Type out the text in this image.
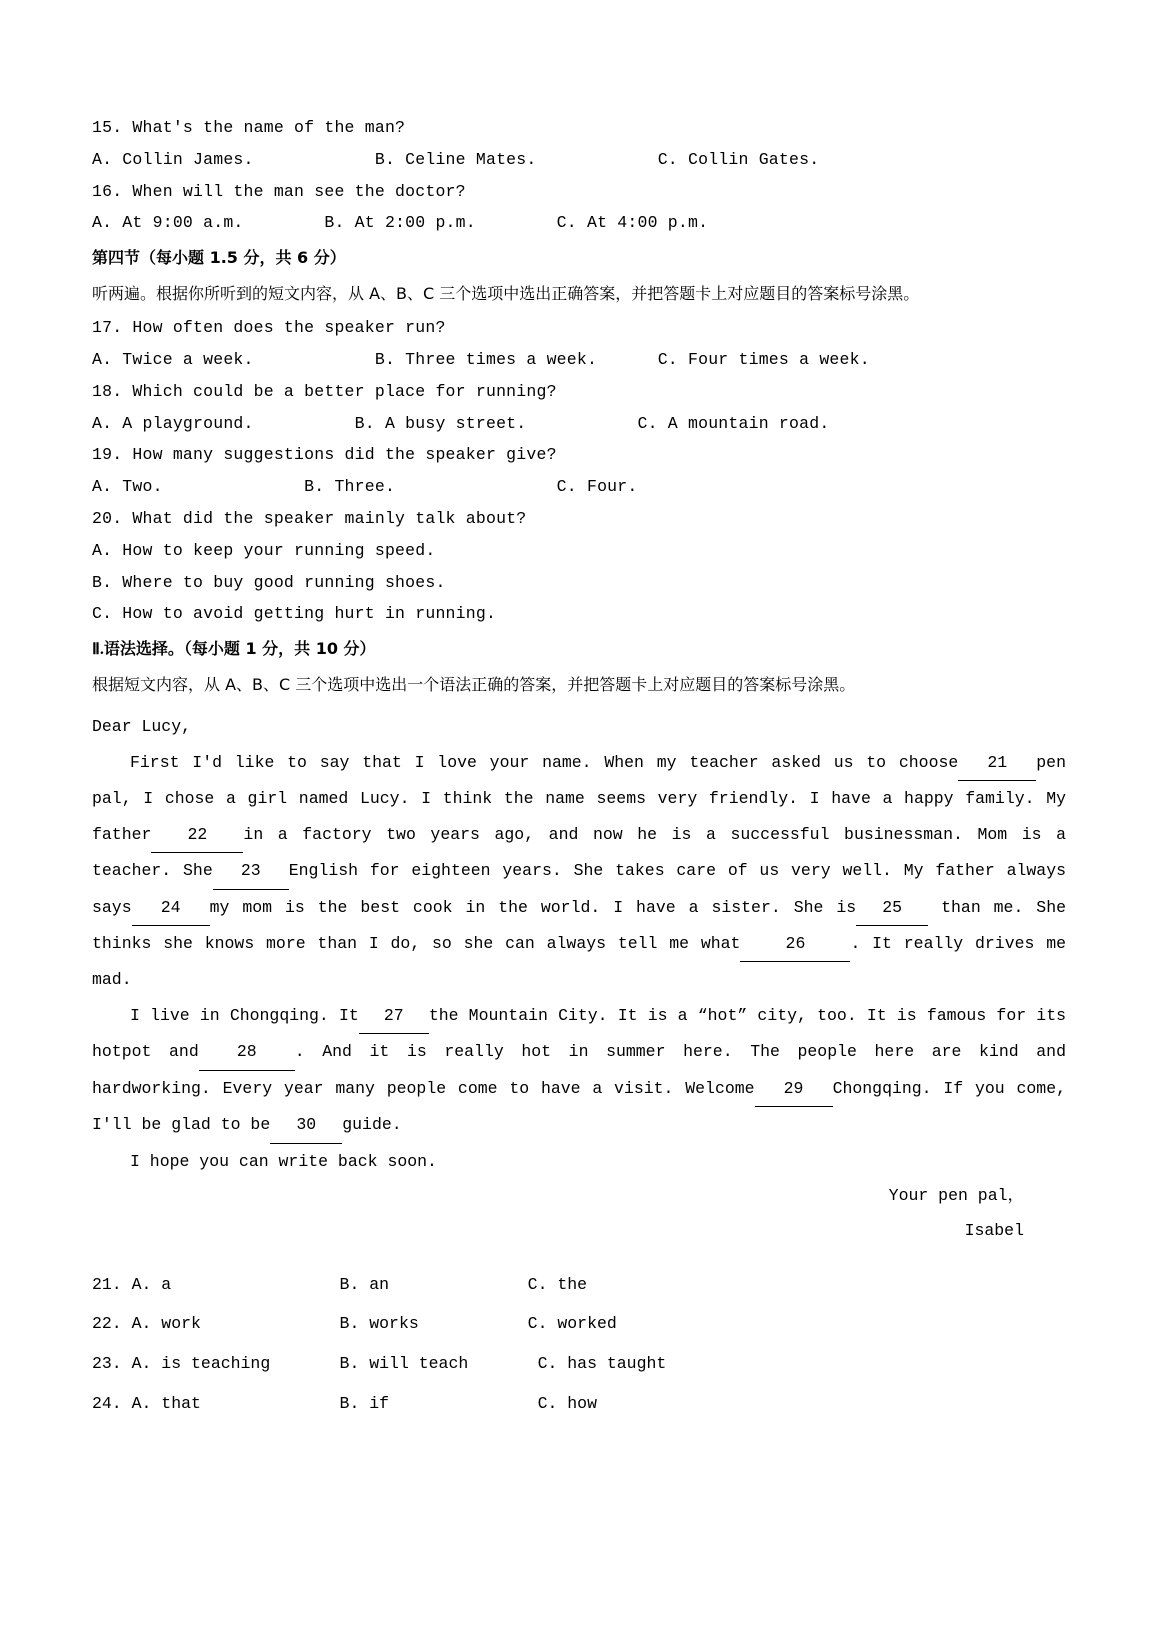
15. What's the name of the man?
A. Collin James.            B. Celine Mates.            C. Collin Gates.
16. When will the man see the doctor?
A. At 9:00 a.m.        B. At 2:00 p.m.        C. At 4:00 p.m.
第四节（每小题 1.5 分，共 6 分）
听两遍。根据你所听到的短文内容，从 A、B、C 三个选项中选出正确答案，并把答题卡上对应题目的答案标号涂黑。
17. How often does the speaker run?
A. Twice a week.            B. Three times a week.      C. Four times a week.
18. Which could be a better place for running?
A. A playground.          B. A busy street.           C. A mountain road.
19. How many suggestions did the speaker give?
A. Two.              B. Three.                C. Four.
20. What did the speaker mainly talk about?
A. How to keep your running speed.
B. Where to buy good running shoes.
C. How to avoid getting hurt in running.
Ⅱ.语法选择。（每小题 1 分，共 10 分）
根据短文内容，从 A、B、C 三个选项中选出一个语法正确的答案，并把答题卡上对应题目的答案标号涂黑。

Dear Lucy,

First I'd like to say that I love your name. When my teacher asked us to choose 21 pen pal, I chose a girl named Lucy. I think the name seems very friendly. I have a happy family. My father 22 in a factory two years ago, and now he is a successful businessman. Mom is a teacher. She 23 English for eighteen years. She takes care of us very well. My father always says 24 my mom is the best cook in the world. I have a sister. She is 25 than me. She thinks she knows more than I do, so she can always tell me what	26	. It really drives me mad.

I live in Chongqing. It 27 the Mountain City. It is a “hot” city, too. It is famous for its hotpot and 28 . And it is really hot in summer here. The people here are kind and hardworking. Every year many people come to have a visit. Welcome 29 Chongqing. If you come, I'll be glad to be 30 guide.

I hope you can write back soon.

Your pen pal，
Isabel
21. A. a                 B. an              C. the
22. A. work              B. works           C. worked
23. A. is teaching       B. will teach       C. has taught
24. A. that              B. if               C. how
